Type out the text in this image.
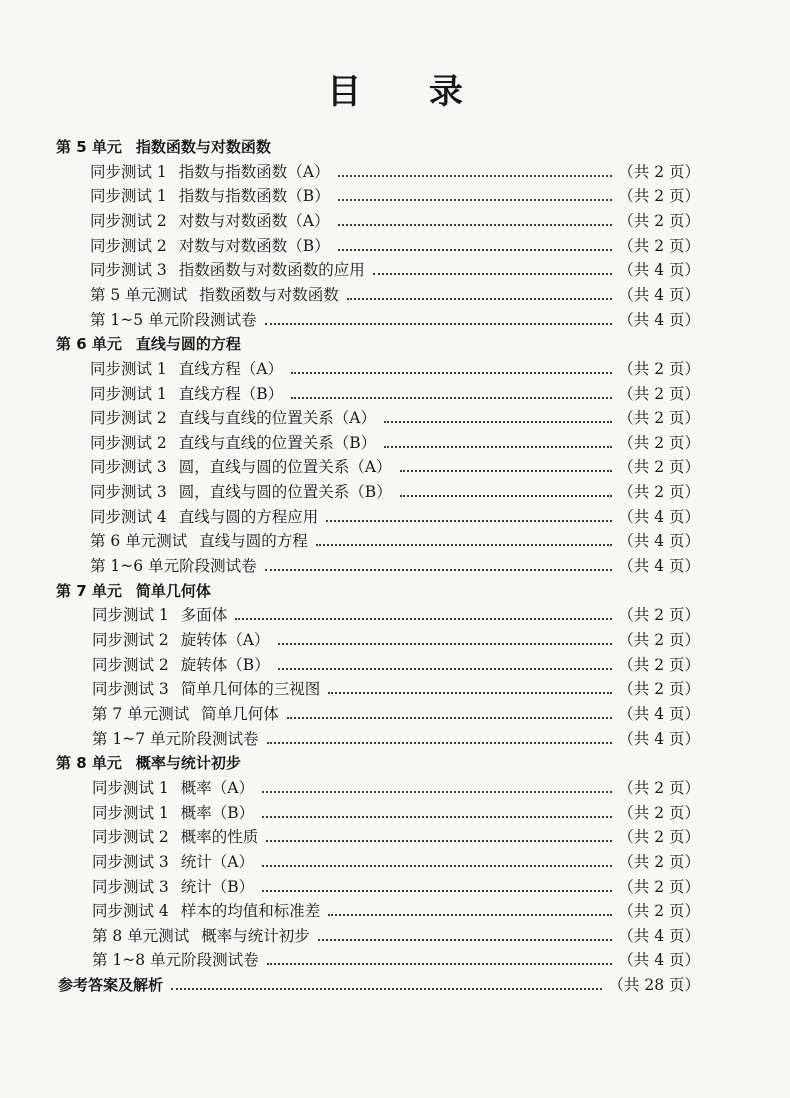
目 录
第 5 单元 指数函数与对数函数
同步测试 1 指数与指数函数（A）	（共 2 页）
同步测试 1 指数与指数函数（B）	（共 2 页）
同步测试 2 对数与对数函数（A）	（共 2 页）
同步测试 2 对数与对数函数（B）	（共 2 页）
同步测试 3 指数函数与对数函数的应用	（共 4 页）
第 5 单元测试 指数函数与对数函数	（共 4 页）
第 1~5 单元阶段测试卷	（共 4 页）
第 6 单元 直线与圆的方程
同步测试 1 直线方程（A）	（共 2 页）
同步测试 1 直线方程（B）	（共 2 页）
同步测试 2 直线与直线的位置关系（A）	（共 2 页）
同步测试 2 直线与直线的位置关系（B）	（共 2 页）
同步测试 3 圆，直线与圆的位置关系（A）	（共 2 页）
同步测试 3 圆，直线与圆的位置关系（B）	（共 2 页）
同步测试 4 直线与圆的方程应用	（共 4 页）
第 6 单元测试 直线与圆的方程	（共 4 页）
第 1~6 单元阶段测试卷	（共 4 页）
第 7 单元 简单几何体
同步测试 1 多面体	（共 2 页）
同步测试 2 旋转体（A）	（共 2 页）
同步测试 2 旋转体（B）	（共 2 页）
同步测试 3 简单几何体的三视图	（共 2 页）
第 7 单元测试 简单几何体	（共 4 页）
第 1~7 单元阶段测试卷	（共 4 页）
第 8 单元 概率与统计初步
同步测试 1 概率（A）	（共 2 页）
同步测试 1 概率（B）	（共 2 页）
同步测试 2 概率的性质	（共 2 页）
同步测试 3 统计（A）	（共 2 页）
同步测试 3 统计（B）	（共 2 页）
同步测试 4 样本的均值和标准差	（共 2 页）
第 8 单元测试 概率与统计初步	（共 4 页）
第 1~8 单元阶段测试卷	（共 4 页）
参考答案及解析	（共 28 页）
